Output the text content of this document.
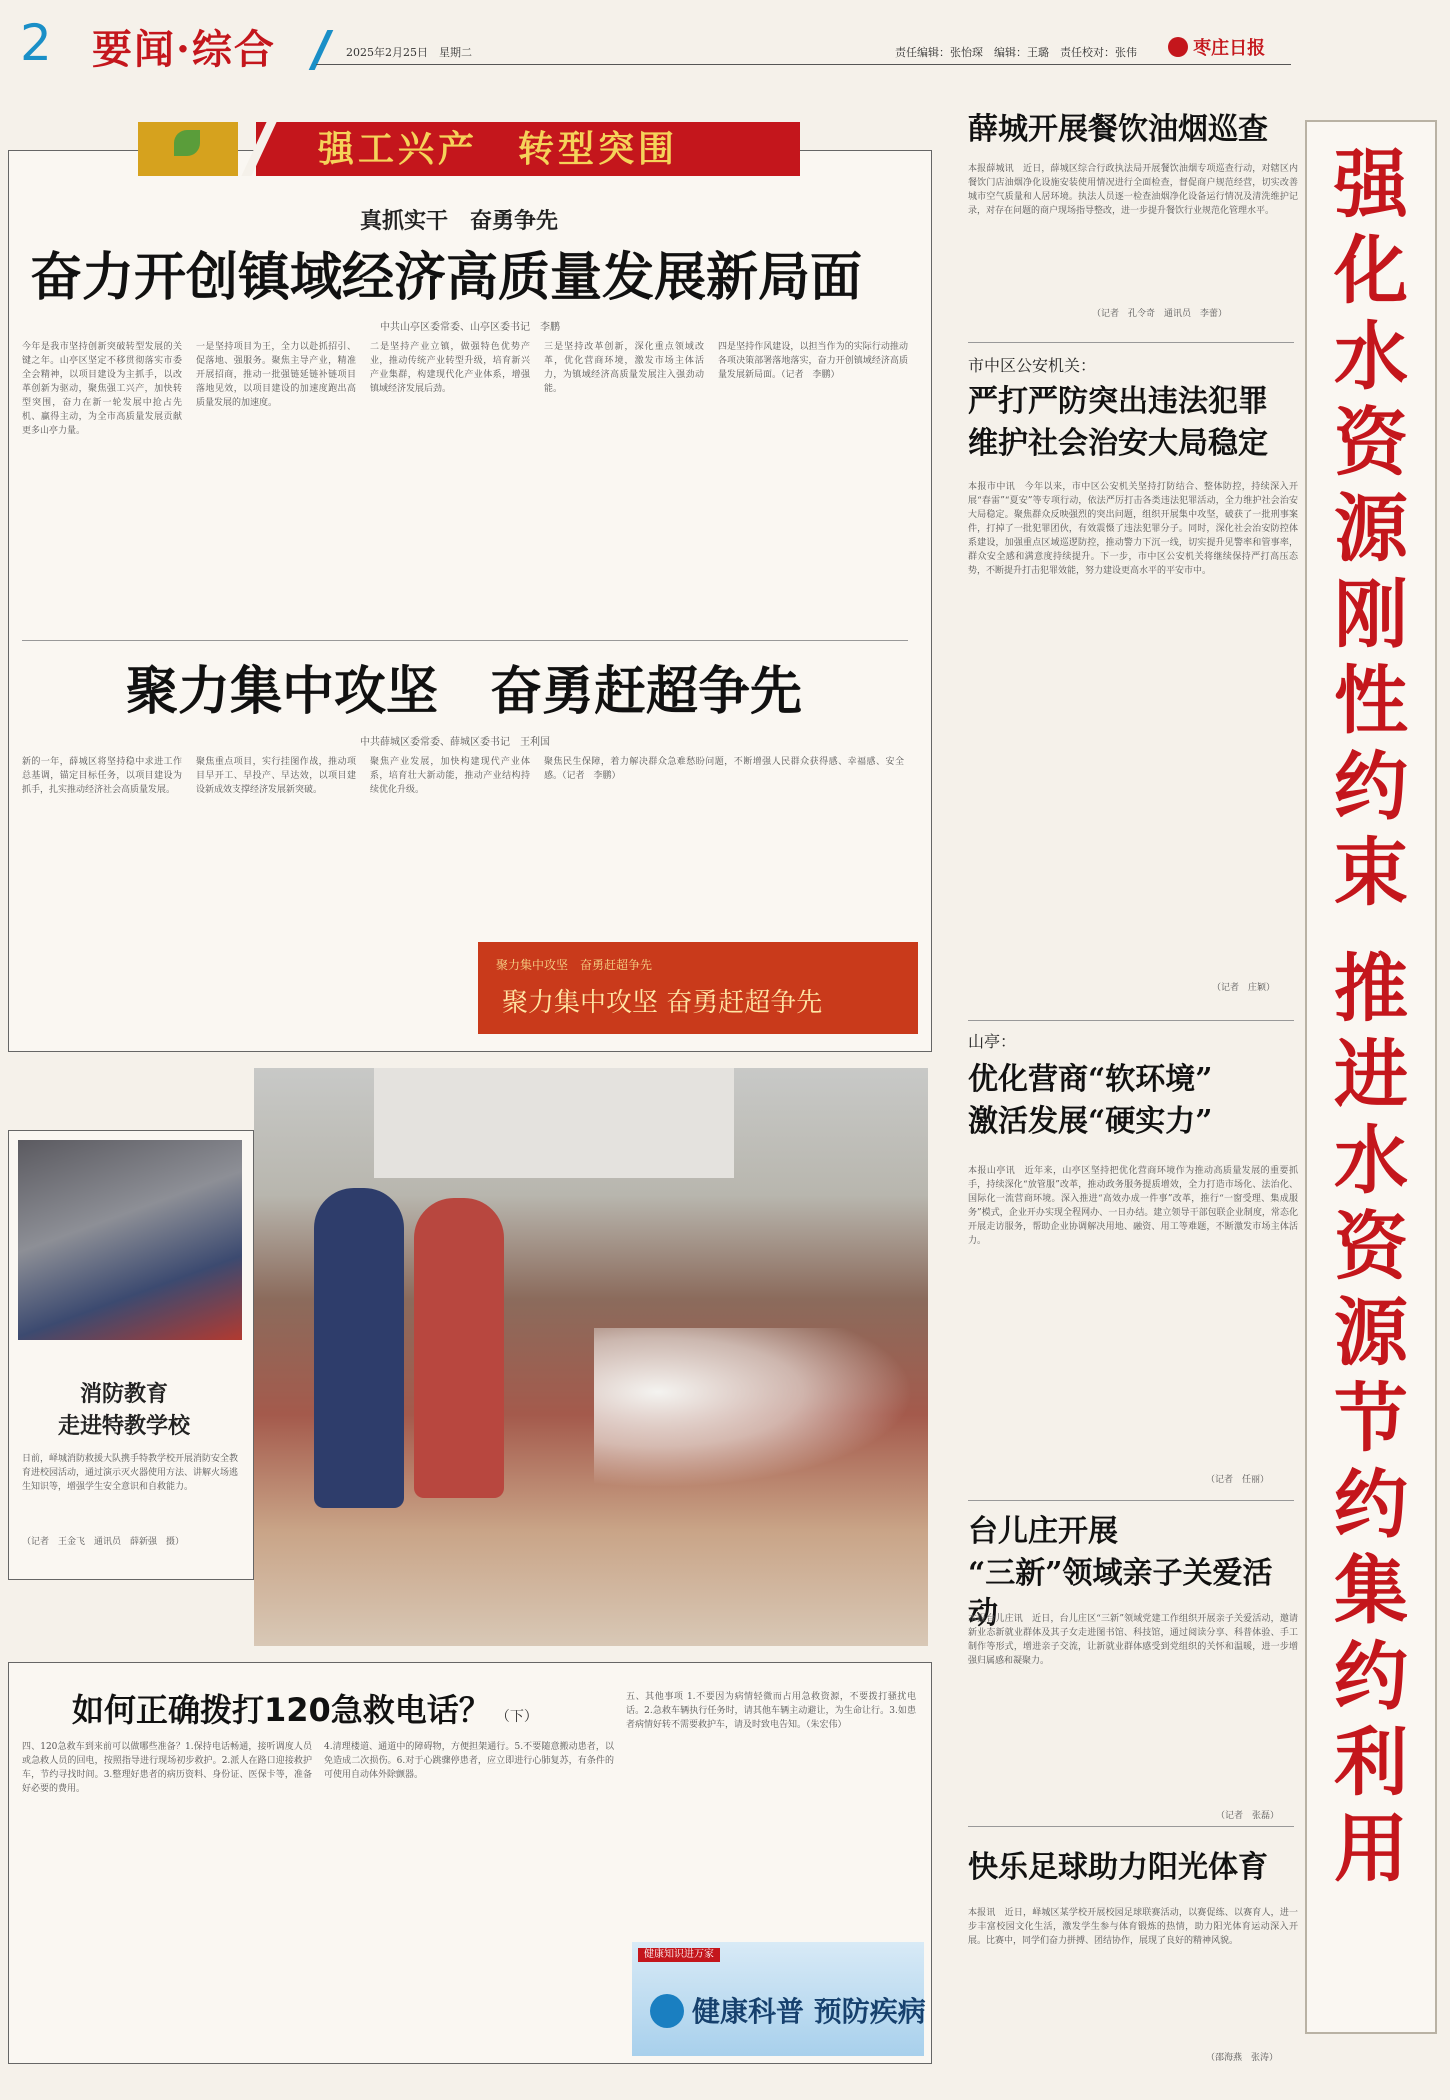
2 要闻·综合	2025年2月25日　星期二	责任编辑：张怡琛　编辑：王璐　责任校对：张伟	枣庄日报
强工兴产　转型突围
真抓实干　奋勇争先
奋力开创镇域经济高质量发展新局面
中共山亭区委常委、山亭区委书记　李鹏
今年是我市坚持创新突破转型发展的关键之年。山亭区坚定不移贯彻落实市委全会精神，以项目建设为主抓手，以改革创新为驱动，聚焦强工兴产，加快转型突围，奋力在新一轮发展中抢占先机、赢得主动，为全市高质量发展贡献更多山亭力量。
一是坚持项目为王，全力以赴抓招引、促落地、强服务。聚焦主导产业，精准开展招商，推动一批强链延链补链项目落地见效，以项目建设的加速度跑出高质量发展的加速度。
二是坚持产业立镇，做强特色优势产业，推动传统产业转型升级，培育新兴产业集群，构建现代化产业体系，增强镇域经济发展后劲。
三是坚持改革创新，深化重点领域改革，优化营商环境，激发市场主体活力，为镇域经济高质量发展注入强劲动能。
四是坚持作风建设，以担当作为的实际行动推动各项决策部署落地落实，奋力开创镇域经济高质量发展新局面。（记者　李鹏）
聚力集中攻坚　奋勇赶超争先
中共薛城区委常委、薛城区委书记　王利国
新的一年，薛城区将坚持稳中求进工作总基调，锚定目标任务，以项目建设为抓手，扎实推动经济社会高质量发展。
聚焦重点项目，实行挂图作战，推动项目早开工、早投产、早达效，以项目建设新成效支撑经济发展新突破。
聚焦产业发展，加快构建现代产业体系，培育壮大新动能，推动产业结构持续优化升级。
聚焦民生保障，着力解决群众急难愁盼问题，不断增强人民群众获得感、幸福感、安全感。（记者　李鹏）
聚力集中攻坚　奋勇赶超争先
聚力集中攻坚 奋勇赶超争先
消防教育
走进特教学校
日前，峄城消防救援大队携手特教学校开展消防安全教育进校园活动，通过演示灭火器使用方法、讲解火场逃生知识等，增强学生安全意识和自救能力。
（记者　王金飞　通讯员　薛新强　摄）
如何正确拨打120急救电话？ （下）
四、120急救车到来前可以做哪些准备？1.保持电话畅通，接听调度人员或急救人员的回电，按照指导进行现场初步救护。2.派人在路口迎接救护车，节约寻找时间。3.整理好患者的病历资料、身份证、医保卡等，准备好必要的费用。
4.清理楼道、通道中的障碍物，方便担架通行。5.不要随意搬动患者，以免造成二次损伤。6.对于心跳骤停患者，应立即进行心肺复苏，有条件的可使用自动体外除颤器。
五、其他事项 1.不要因为病情轻微而占用急救资源，不要拨打骚扰电话。2.急救车辆执行任务时，请其他车辆主动避让，为生命让行。3.如患者病情好转不需要救护车，请及时致电告知。（朱宏伟）
健康知识进万家
健康科普 预防疾病
薛城开展餐饮油烟巡查
本报薛城讯　近日，薛城区综合行政执法局开展餐饮油烟专项巡查行动，对辖区内餐饮门店油烟净化设施安装使用情况进行全面检查，督促商户规范经营，切实改善城市空气质量和人居环境。执法人员逐一检查油烟净化设备运行情况及清洗维护记录，对存在问题的商户现场指导整改，进一步提升餐饮行业规范化管理水平。
（记者　孔令奇　通讯员　李蕾）
市中区公安机关：
严打严防突出违法犯罪
维护社会治安大局稳定
本报市中讯　今年以来，市中区公安机关坚持打防结合、整体防控，持续深入开展“春雷”“夏安”等专项行动，依法严厉打击各类违法犯罪活动，全力维护社会治安大局稳定。聚焦群众反映强烈的突出问题，组织开展集中攻坚，破获了一批刑事案件，打掉了一批犯罪团伙，有效震慑了违法犯罪分子。同时，深化社会治安防控体系建设，加强重点区域巡逻防控，推动警力下沉一线，切实提升见警率和管事率，群众安全感和满意度持续提升。下一步，市中区公安机关将继续保持严打高压态势，不断提升打击犯罪效能，努力建设更高水平的平安市中。
（记者　庄颖）
山亭：
优化营商“软环境”
激活发展“硬实力”
本报山亭讯　近年来，山亭区坚持把优化营商环境作为推动高质量发展的重要抓手，持续深化“放管服”改革，推动政务服务提质增效，全力打造市场化、法治化、国际化一流营商环境。深入推进“高效办成一件事”改革，推行“一窗受理、集成服务”模式，企业开办实现全程网办、一日办结。建立领导干部包联企业制度，常态化开展走访服务，帮助企业协调解决用地、融资、用工等难题，不断激发市场主体活力。
（记者　任丽）
台儿庄开展
“三新”领域亲子关爱活动
本报台儿庄讯　近日，台儿庄区“三新”领域党建工作组织开展亲子关爱活动，邀请新业态新就业群体及其子女走进图书馆、科技馆，通过阅读分享、科普体验、手工制作等形式，增进亲子交流，让新就业群体感受到党组织的关怀和温暖，进一步增强归属感和凝聚力。
（记者　张磊）
快乐足球助力阳光体育
本报讯　近日，峄城区某学校开展校园足球联赛活动，以赛促练、以赛育人，进一步丰富校园文化生活，激发学生参与体育锻炼的热情，助力阳光体育运动深入开展。比赛中，同学们奋力拼搏、团结协作，展现了良好的精神风貌。
（邵海燕　张涛）
强化水资源刚性约束
推进水资源节约集约利用
